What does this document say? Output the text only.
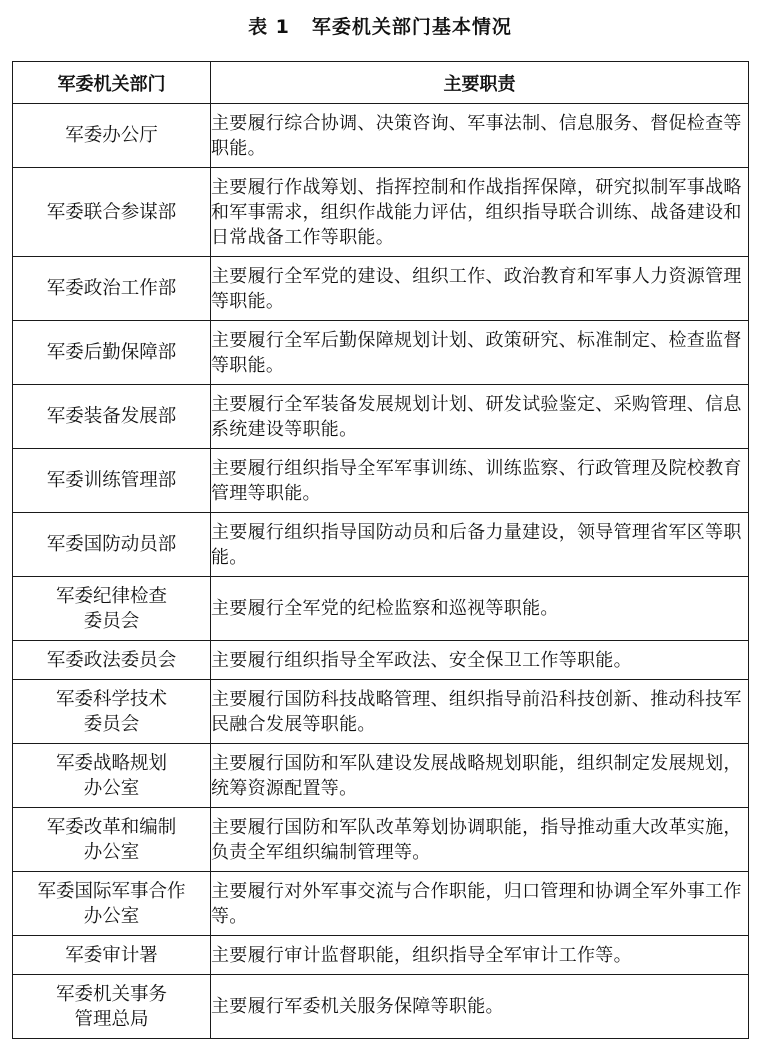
表 1 军委机关部门基本情况
军委机关部门	主要职责
军委办公厅	主要履行综合协调、决策咨询、军事法制、信息服务、督促检查等职能。
军委联合参谋部	主要履行作战筹划、指挥控制和作战指挥保障，研究拟制军事战略和军事需求，组织作战能力评估，组织指导联合训练、战备建设和日常战备工作等职能。
军委政治工作部	主要履行全军党的建设、组织工作、政治教育和军事人力资源管理等职能。
军委后勤保障部	主要履行全军后勤保障规划计划、政策研究、标准制定、检查监督等职能。
军委装备发展部	主要履行全军装备发展规划计划、研发试验鉴定、采购管理、信息系统建设等职能。
军委训练管理部	主要履行组织指导全军军事训练、训练监察、行政管理及院校教育管理等职能。
军委国防动员部	主要履行组织指导国防动员和后备力量建设，领导管理省军区等职能。
军委纪律检查
委员会	主要履行全军党的纪检监察和巡视等职能。
军委政法委员会	主要履行组织指导全军政法、安全保卫工作等职能。
军委科学技术
委员会	主要履行国防科技战略管理、组织指导前沿科技创新、推动科技军民融合发展等职能。
军委战略规划
办公室	主要履行国防和军队建设发展战略规划职能，组织制定发展规划，统筹资源配置等。
军委改革和编制
办公室	主要履行国防和军队改革筹划协调职能，指导推动重大改革实施，负责全军组织编制管理等。
军委国际军事合作
办公室	主要履行对外军事交流与合作职能，归口管理和协调全军外事工作等。
军委审计署	主要履行审计监督职能，组织指导全军审计工作等。
军委机关事务
管理总局	主要履行军委机关服务保障等职能。
